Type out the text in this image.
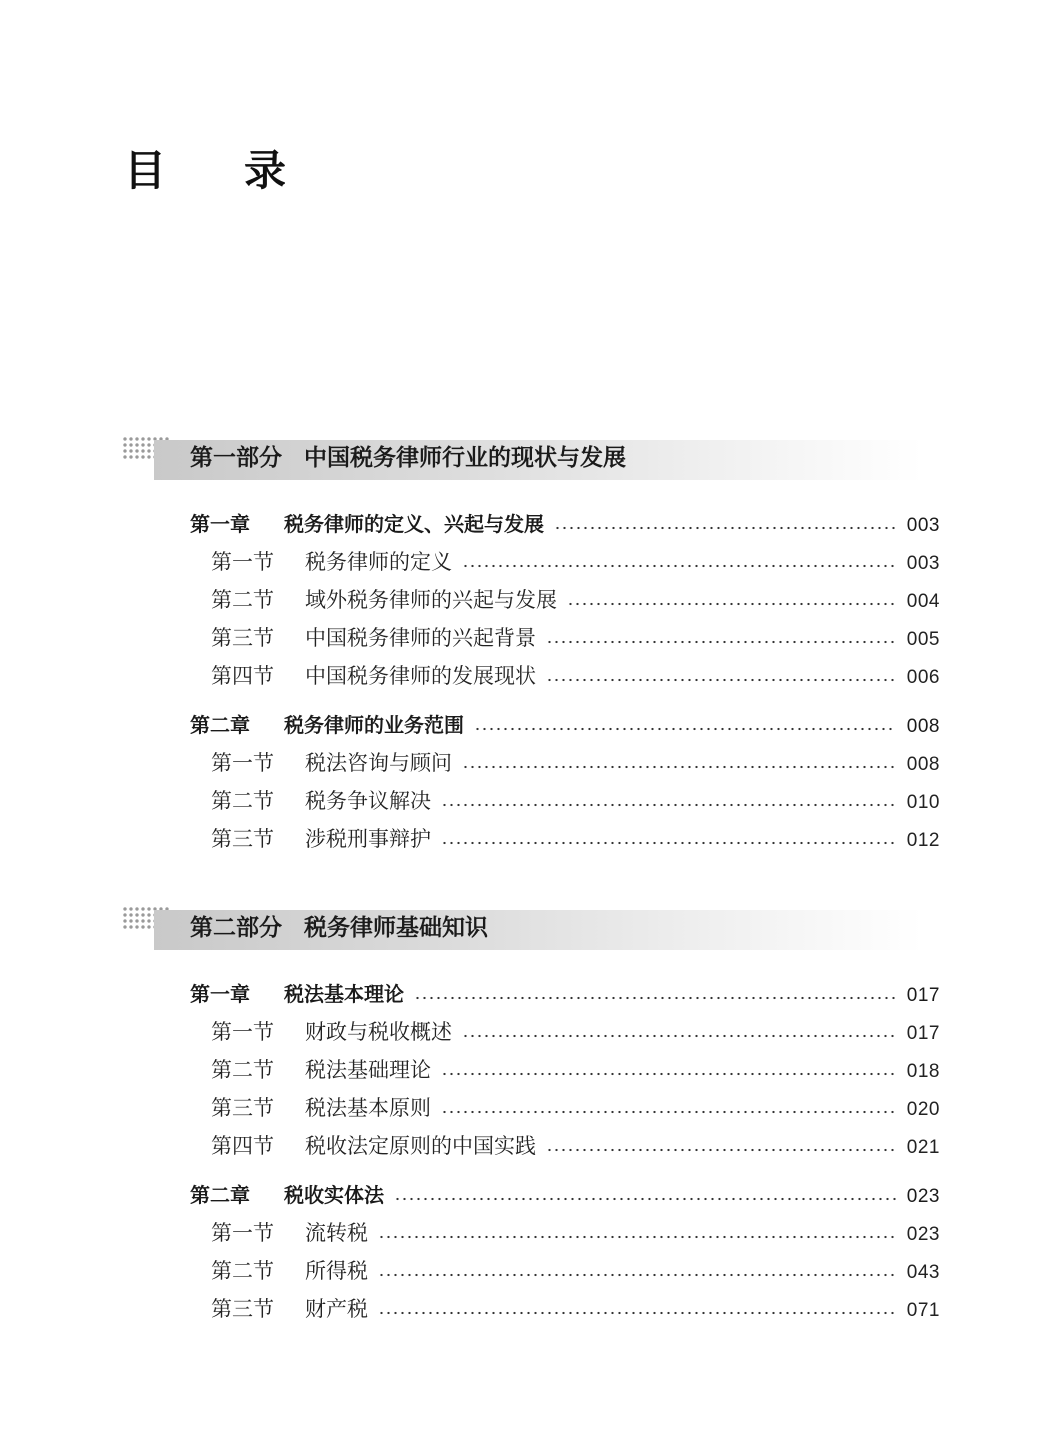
目录
第一部分 中国税务律师行业的现状与发展
第一章	税务律师的定义、兴起与发展	003
第一节	税务律师的定义	003
第二节	域外税务律师的兴起与发展	004
第三节	中国税务律师的兴起背景	005
第四节	中国税务律师的发展现状	006
第二章	税务律师的业务范围	008
第一节	税法咨询与顾问	008
第二节	税务争议解决	010
第三节	涉税刑事辩护	012
第二部分 税务律师基础知识
第一章	税法基本理论	017
第一节	财政与税收概述	017
第二节	税法基础理论	018
第三节	税法基本原则	020
第四节	税收法定原则的中国实践	021
第二章	税收实体法	023
第一节	流转税	023
第二节	所得税	043
第三节	财产税	071
